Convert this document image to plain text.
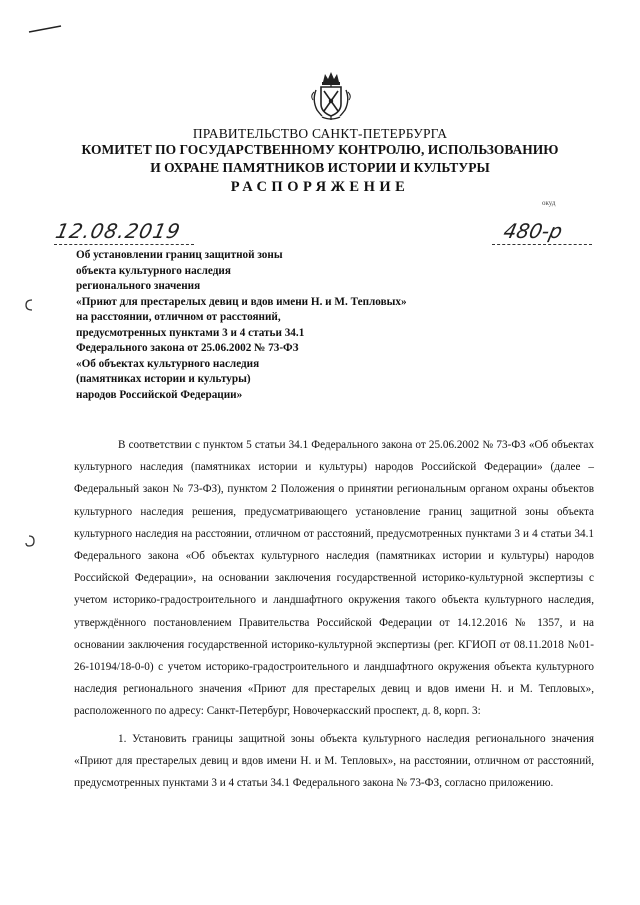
ПРАВИТЕЛЬСТВО САНКТ-ПЕТЕРБУРГА
КОМИТЕТ ПО ГОСУДАРСТВЕННОМУ КОНТРОЛЮ, ИСПОЛЬЗОВАНИЮ
И ОХРАНЕ ПАМЯТНИКОВ ИСТОРИИ И КУЛЬТУРЫ
РАСПОРЯЖЕНИЕ
окуд
12.08.2019	480-р
Об установлении границ защитной зоны
объекта культурного наследия
регионального значения
«Приют для престарелых девиц и вдов имени Н. и М. Тепловых»
на расстоянии, отличном от расстояний,
предусмотренных пунктами 3 и 4 статьи 34.1
Федерального закона от 25.06.2002 № 73-ФЗ
«Об объектах культурного наследия
(памятниках истории и культуры)
народов Российской Федерации»
В соответствии с пунктом 5 статьи 34.1 Федерального закона от 25.06.2002 № 73-ФЗ «Об объектах культурного наследия (памятниках истории и культуры) народов Российской Федерации» (далее – Федеральный закон № 73-ФЗ), пунктом 2 Положения о принятии региональным органом охраны объектов культурного наследия решения, предусматривающего установление границ защитной зоны объекта культурного наследия на расстоянии, отличном от расстояний, предусмотренных пунктами 3 и 4 статьи 34.1 Федерального закона «Об объектах культурного наследия (памятниках истории и культуры) народов Российской Федерации», на основании заключения государственной историко-культурной экспертизы с учетом историко-градостроительного и ландшафтного окружения такого объекта культурного наследия, утверждённого постановлением Правительства Российской Федерации от 14.12.2016 № 1357, и на основании заключения государственной историко-культурной экспертизы (рег. КГИОП от 08.11.2018 №01-26-10194/18-0-0) с учетом историко-градостроительного и ландшафтного окружения объекта культурного наследия регионального значения «Приют для престарелых девиц и вдов имени Н. и М. Тепловых», расположенного по адресу: Санкт-Петербург, Новочеркасский проспект, д. 8, корп. 3:
1. Установить границы защитной зоны объекта культурного наследия регионального значения «Приют для престарелых девиц и вдов имени Н. и М. Тепловых», на расстоянии, отличном от расстояний, предусмотренных пунктами 3 и 4 статьи 34.1 Федерального закона № 73-ФЗ, согласно приложению.
